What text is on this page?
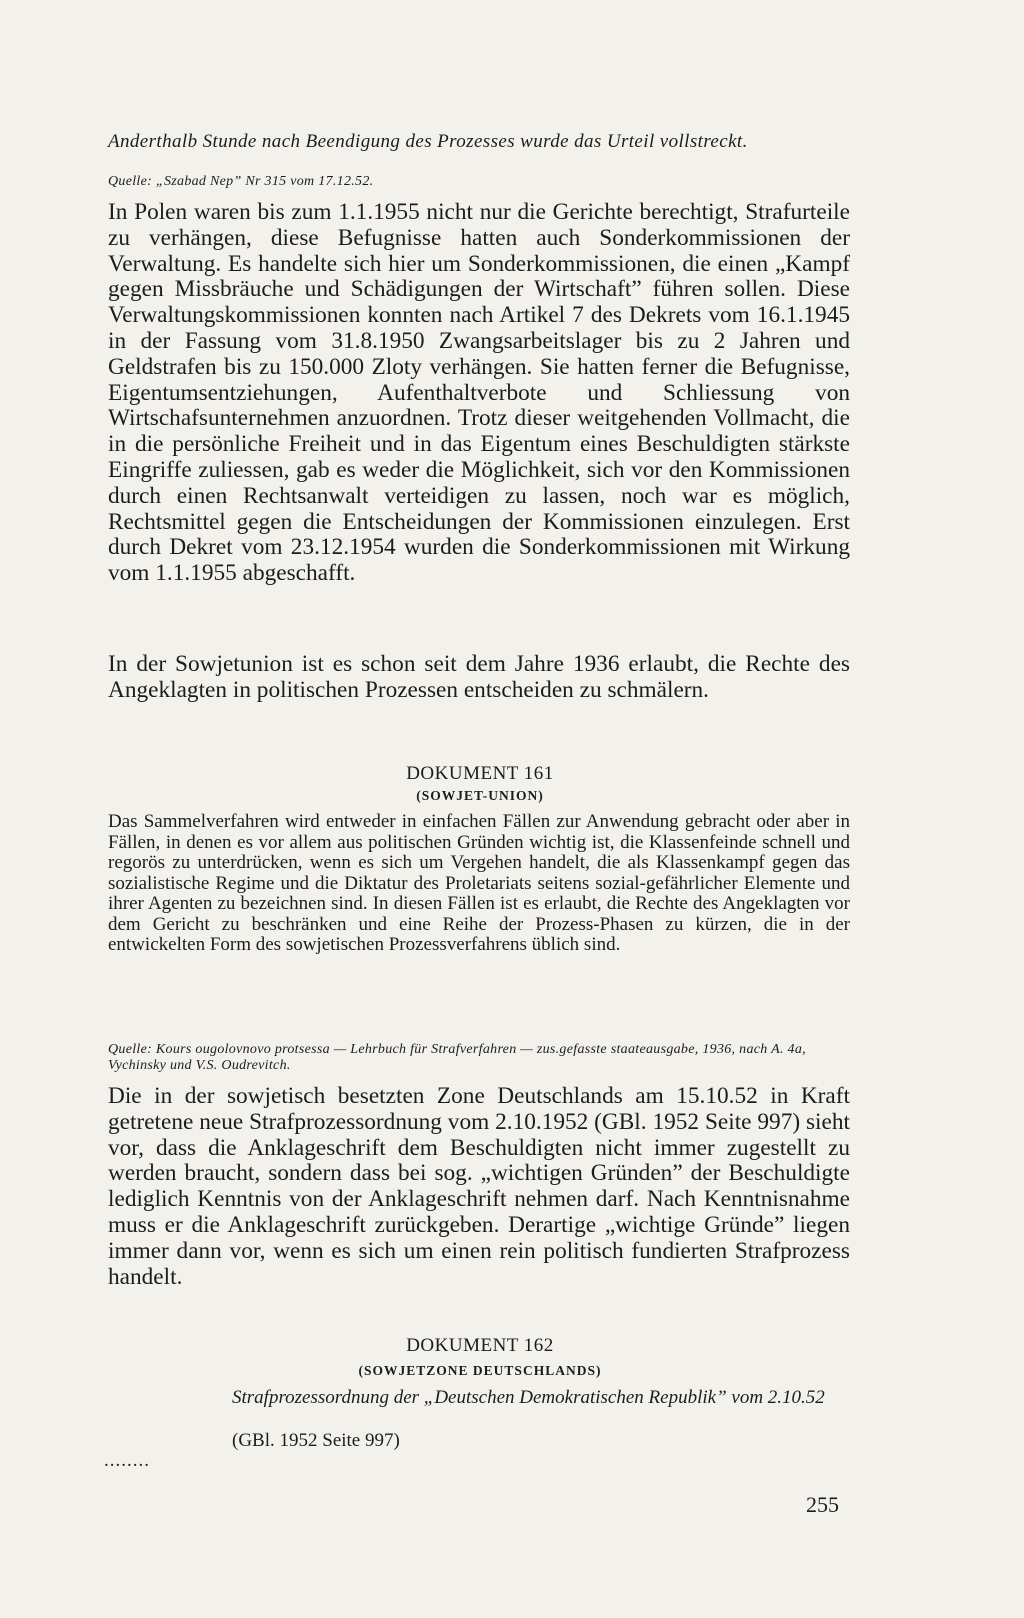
Anderthalb Stunde nach Beendigung des Prozesses wurde das Urteil vollstreckt.
Quelle: „Szabad Nep” Nr 315 vom 17.12.52.
In Polen waren bis zum 1.1.1955 nicht nur die Gerichte berechtigt, Strafurteile zu verhängen, diese Befugnisse hatten auch Sonderkommissionen der Verwaltung. Es handelte sich hier um Sonderkommissionen, die einen „Kampf gegen Missbräuche und Schädigungen der Wirtschaft” führen sollen. Diese Verwaltungskommissionen konnten nach Artikel 7 des Dekrets vom 16.1.1945 in der Fassung vom 31.8.1950 Zwangsarbeitslager bis zu 2 Jahren und Geldstrafen bis zu 150.000 Zloty verhängen. Sie hatten ferner die Befugnisse, Eigentumsentziehungen, Aufenthaltverbote und Schliessung von Wirtschafsunternehmen anzuordnen. Trotz dieser weitgehenden Vollmacht, die in die persönliche Freiheit und in das Eigentum eines Beschuldigten stärkste Eingriffe zuliessen, gab es weder die Möglichkeit, sich vor den Kommissionen durch einen Rechtsanwalt verteidigen zu lassen, noch war es möglich, Rechtsmittel gegen die Entscheidungen der Kommissionen einzulegen. Erst durch Dekret vom 23.12.1954 wurden die Sonderkommissionen mit Wirkung vom 1.1.1955 abgeschafft.
In der Sowjetunion ist es schon seit dem Jahre 1936 erlaubt, die Rechte des Angeklagten in politischen Prozessen entscheiden zu schmälern.
DOKUMENT 161
(SOWJET-UNION)
Das Sammelverfahren wird entweder in einfachen Fällen zur Anwendung gebracht oder aber in Fällen, in denen es vor allem aus politischen Gründen wichtig ist, die Klassenfeinde schnell und regorös zu unterdrücken, wenn es sich um Vergehen handelt, die als Klassenkampf gegen das sozialistische Regime und die Diktatur des Proletariats seitens sozial-gefährlicher Elemente und ihrer Agenten zu bezeichnen sind. In diesen Fällen ist es erlaubt, die Rechte des Angeklagten vor dem Gericht zu beschränken und eine Reihe der Prozess-Phasen zu kürzen, die in der entwickelten Form des sowjetischen Prozessverfahrens üblich sind.
Quelle: Kours ougolovnovo protsessa — Lehrbuch für Strafverfahren — zus.gefasste staateausgabe, 1936, nach A. 4a, Vychinsky und V.S. Oudrevitch.
Die in der sowjetisch besetzten Zone Deutschlands am 15.10.52 in Kraft getretene neue Strafprozessordnung vom 2.10.1952 (GBl. 1952 Seite 997) sieht vor, dass die Anklageschrift dem Beschuldigten nicht immer zugestellt zu werden braucht, sondern dass bei sog. „wichtigen Gründen” der Beschuldigte lediglich Kenntnis von der Anklageschrift nehmen darf. Nach Kenntnisnahme muss er die Anklageschrift zurückgeben. Derartige „wichtige Gründe” liegen immer dann vor, wenn es sich um einen rein politisch fundierten Strafprozess handelt.
DOKUMENT 162
(SOWJETZONE DEUTSCHLANDS)
Strafprozessordnung der „Deutschen Demokratischen Republik” vom 2.10.52
(GBl. 1952 Seite 997)
........
255
